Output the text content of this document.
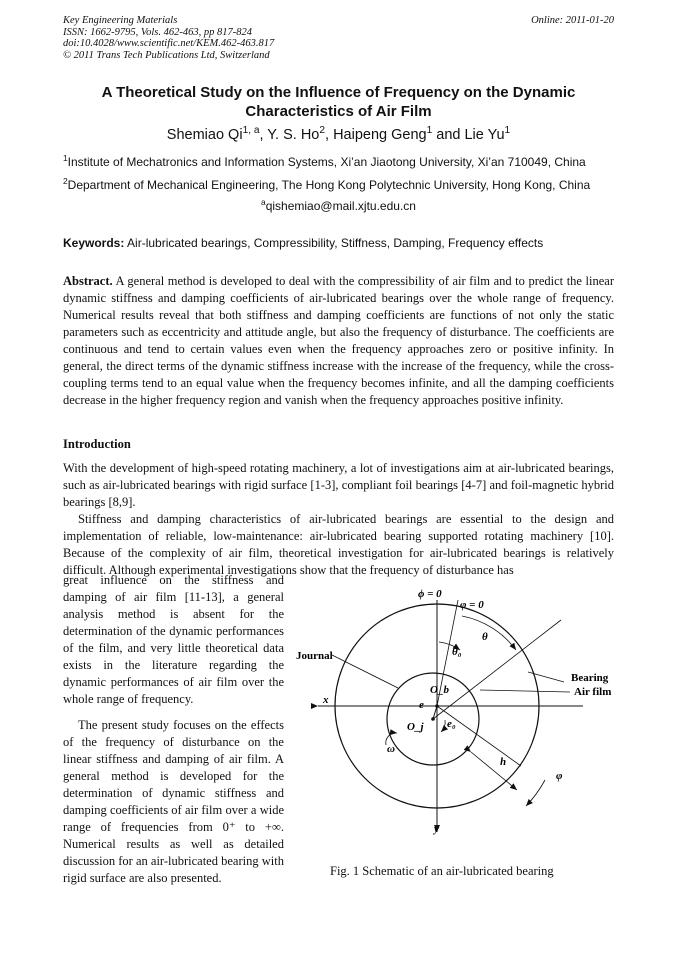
Key Engineering Materials
ISSN: 1662-9795, Vols. 462-463, pp 817-824
doi:10.4028/www.scientific.net/KEM.462-463.817
© 2011 Trans Tech Publications Ltd, Switzerland
Online: 2011-01-20
A Theoretical Study on the Influence of Frequency on the Dynamic
Characteristics of Air Film
Shemiao Qi$^{1, a}$, Y. S. Ho$^2$, Haipeng Geng$^1$ and Lie Yu$^1$
$^1$Institute of Mechatronics and Information Systems, Xi’an Jiaotong University, Xi’an 710049, China
$^2$Department of Mechanical Engineering, The Hong Kong Polytechnic University, Hong Kong, China
$^a$qishemiao@mail.xjtu.edu.cn
Keywords: Air-lubricated bearings, Compressibility, Stiffness, Damping, Frequency effects

Abstract. A general method is developed to deal with the compressibility of air film and to predict the linear dynamic stiffness and damping coefficients of air-lubricated bearings over the whole range of frequency. Numerical results reveal that both stiffness and damping coefficients are functions of not only the static parameters such as eccentricity and attitude angle, but also the frequency of disturbance. The coefficients are continuous and tend to certain values even when the frequency approaches zero or positive infinity. In general, the direct terms of the dynamic stiffness increase with the increase of the frequency, while the cross-coupling terms tend to an equal value when the frequency becomes infinite, and all the damping coefficients decrease in the higher frequency region and vanish when the frequency approaches positive infinity.

Introduction

With the development of high-speed rotating machinery, a lot of investigations aim at air-lubricated bearings, such as air-lubricated bearings with rigid surface [1-3], compliant foil bearings [4-7] and foil-magnetic hybrid bearings [8,9].

Stiffness and damping characteristics of air-lubricated bearings are essential to the design and implementation of reliable, low-maintenance: air-lubricated bearing supported rotating machinery [10]. Because of the complexity of air film, theoretical investigation for air-lubricated bearings is relatively difficult. Although experimental investigations show that the frequency of disturbance has

great influence on the stiffness and damping of air film [11-13], a general analysis method is absent for the determination of the dynamic performances of the film, and very little theoretical data exists in the literature regarding the dynamic performances of air film over the whole range of frequency.

The present study focuses on the effects of the frequency of disturbance on the linear stiffness and damping of air film. A general method is developed for the determination of dynamic stiffness and damping coefficients of air film over a wide range of frequencies from 0⁺ to +∞. Numerical results as well as detailed discussion for an air-lubricated bearing with rigid surface are also presented.

ϕ = 0
φ = 0
θ
θ₀
Journal
Bearing
Air film
x
y
O_b
O_j
e
ω
h
φ
e₀
Fig. 1 Schematic of an air-lubricated bearing
